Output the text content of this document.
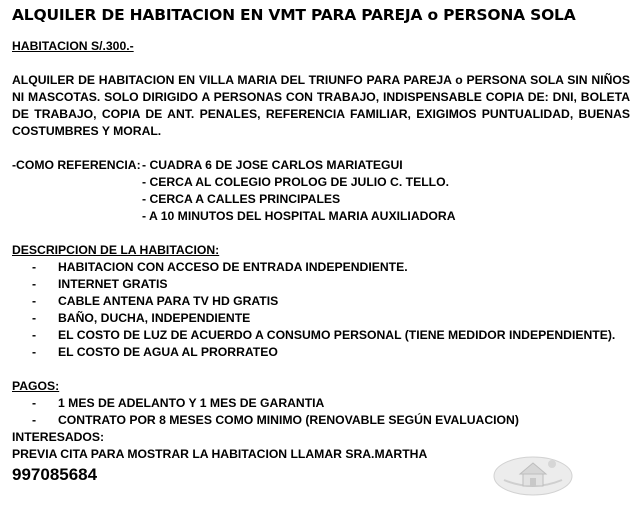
ALQUILER DE HABITACION EN VMT PARA PAREJA o PERSONA SOLA
HABITACION S/.300.-
ALQUILER DE HABITACION EN VILLA MARIA DEL TRIUNFO PARA PAREJA o PERSONA SOLA SIN NIÑOS NI MASCOTAS. SOLO DIRIGIDO A PERSONAS CON TRABAJO, INDISPENSABLE COPIA DE: DNI, BOLETA DE TRABAJO, COPIA DE ANT. PENALES, REFERENCIA FAMILIAR, EXIGIMOS PUNTUALIDAD, BUENAS COSTUMBRES Y MORAL.
-COMO REFERENCIA: - CUADRA 6 DE JOSE CARLOS MARIATEGUI
- CERCA AL COLEGIO PROLOG DE JULIO C. TELLO.
- CERCA A CALLES PRINCIPALES
- A 10 MINUTOS DEL HOSPITAL MARIA AUXILIADORA
DESCRIPCION DE LA HABITACION:
-	HABITACION CON ACCESO DE ENTRADA INDEPENDIENTE.
-	INTERNET GRATIS
-	CABLE ANTENA PARA TV HD GRATIS
-	BAÑO, DUCHA, INDEPENDIENTE
-	EL COSTO DE LUZ DE ACUERDO A CONSUMO PERSONAL (TIENE MEDIDOR INDEPENDIENTE).
-	EL COSTO DE AGUA AL PRORRATEO
PAGOS:
-	1 MES DE ADELANTO Y 1 MES DE GARANTIA
-	CONTRATO POR 8 MESES COMO MINIMO (RENOVABLE SEGÚN EVALUACION)
INTERESADOS:
PREVIA CITA PARA MOSTRAR LA HABITACION LLAMAR SRA.MARTHA
997085684
